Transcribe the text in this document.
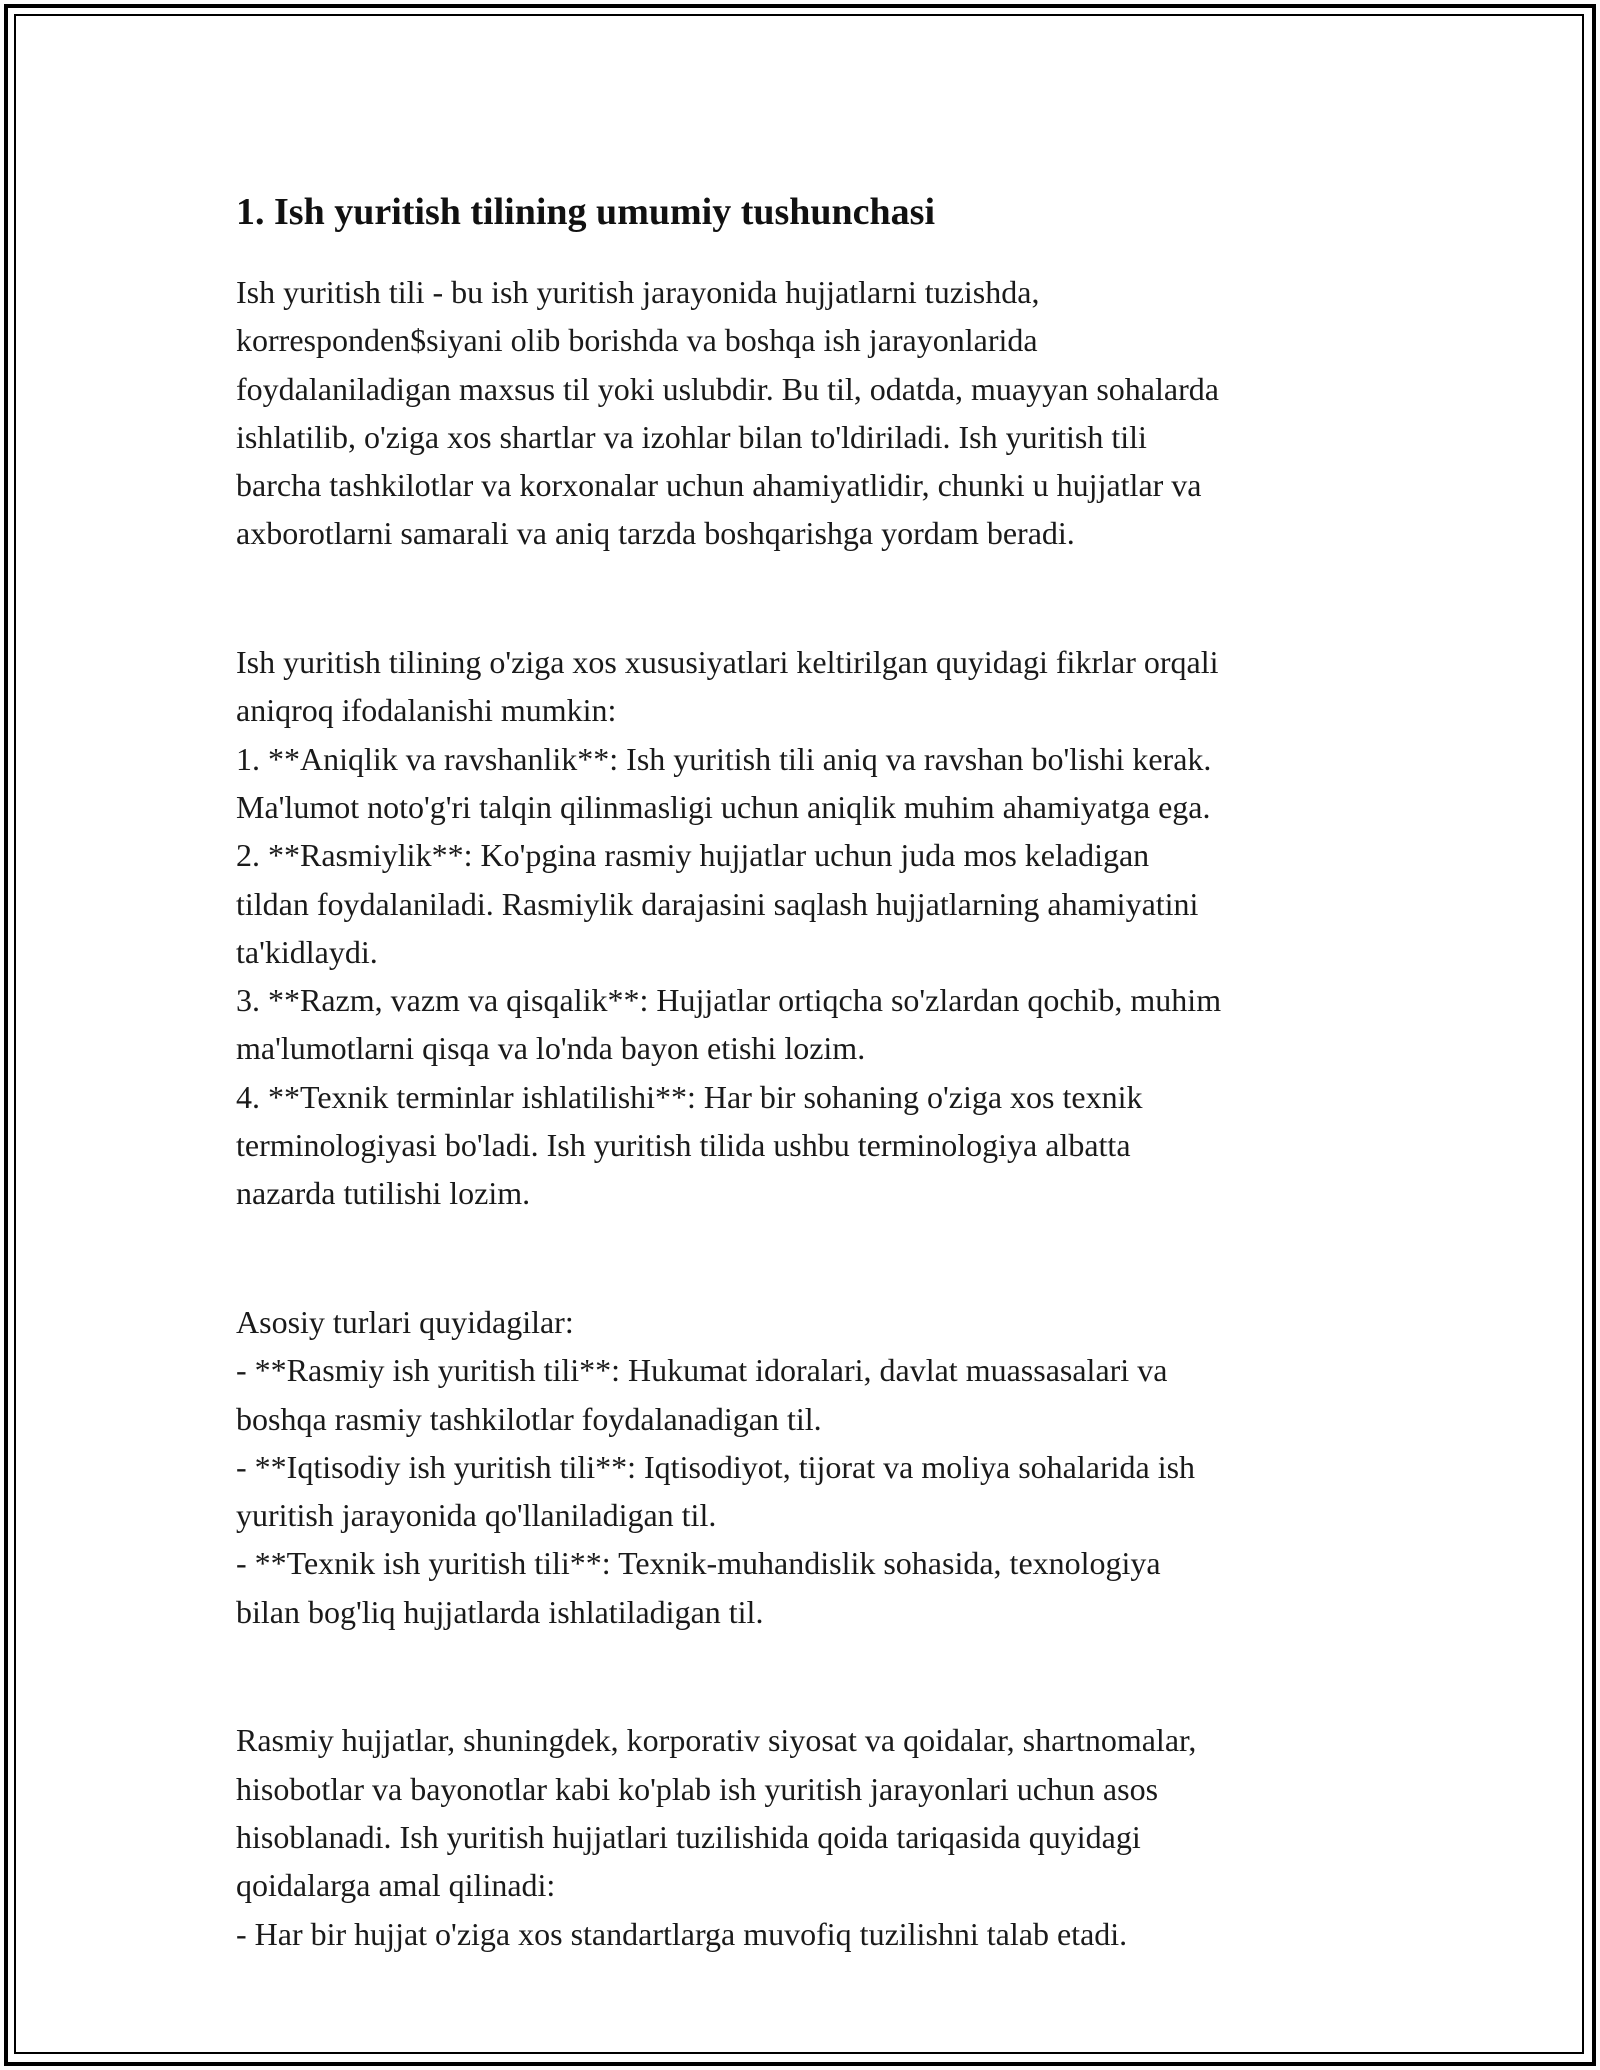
1. Ish yuritish tilining umumiy tushunchasi

Ish yuritish tili - bu ish yuritish jarayonida hujjatlarni tuzishda,

korresponden$siyani olib borishda va boshqa ish jarayonlarida

foydalaniladigan maxsus til yoki uslubdir. Bu til, odatda, muayyan sohalarda

ishlatilib, o'ziga xos shartlar va izohlar bilan to'ldiriladi. Ish yuritish tili

barcha tashkilotlar va korxonalar uchun ahamiyatlidir, chunki u hujjatlar va

axborotlarni samarali va aniq tarzda boshqarishga yordam beradi.

Ish yuritish tilining o'ziga xos xususiyatlari keltirilgan quyidagi fikrlar orqali

aniqroq ifodalanishi mumkin:

1. **Aniqlik va ravshanlik**: Ish yuritish tili aniq va ravshan bo'lishi kerak.

Ma'lumot noto'g'ri talqin qilinmasligi uchun aniqlik muhim ahamiyatga ega.

2. **Rasmiylik**: Ko'pgina rasmiy hujjatlar uchun juda mos keladigan

tildan foydalaniladi. Rasmiylik darajasini saqlash hujjatlarning ahamiyatini

ta'kidlaydi.

3. **Razm, vazm va qisqalik**: Hujjatlar ortiqcha so'zlardan qochib, muhim

ma'lumotlarni qisqa va lo'nda bayon etishi lozim.

4. **Texnik terminlar ishlatilishi**: Har bir sohaning o'ziga xos texnik

terminologiyasi bo'ladi. Ish yuritish tilida ushbu terminologiya albatta

nazarda tutilishi lozim.

Asosiy turlari quyidagilar:

- **Rasmiy ish yuritish tili**: Hukumat idoralari, davlat muassasalari va

boshqa rasmiy tashkilotlar foydalanadigan til.

- **Iqtisodiy ish yuritish tili**: Iqtisodiyot, tijorat va moliya sohalarida ish

yuritish jarayonida qo'llaniladigan til.

- **Texnik ish yuritish tili**: Texnik-muhandislik sohasida, texnologiya

bilan bog'liq hujjatlarda ishlatiladigan til.

Rasmiy hujjatlar, shuningdek, korporativ siyosat va qoidalar, shartnomalar,

hisobotlar va bayonotlar kabi ko'plab ish yuritish jarayonlari uchun asos

hisoblanadi. Ish yuritish hujjatlari tuzilishida qoida tariqasida quyidagi

qoidalarga amal qilinadi:

- Har bir hujjat o'ziga xos standartlarga muvofiq tuzilishni talab etadi.
